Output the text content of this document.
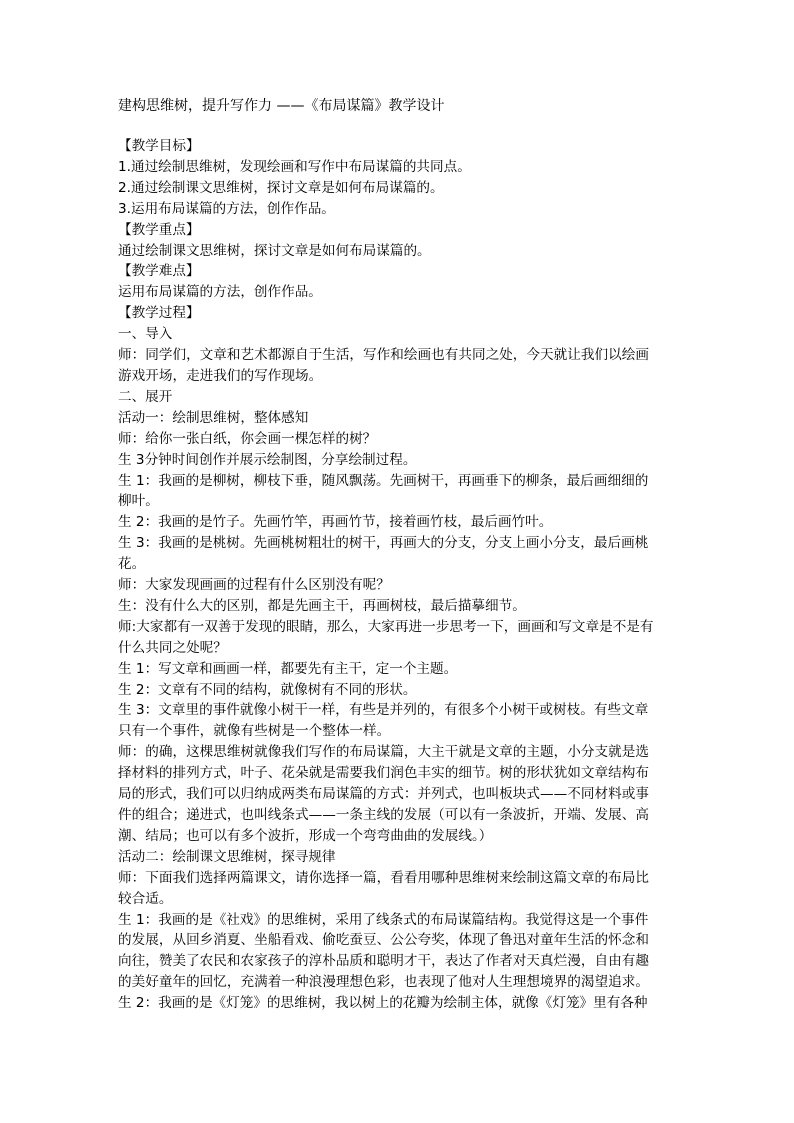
建构思维树，提升写作力 ——《布局谋篇》教学设计
【教学目标】
1.通过绘制思维树，发现绘画和写作中布局谋篇的共同点。
2.通过绘制课文思维树，探讨文章是如何布局谋篇的。
3.运用布局谋篇的方法，创作作品。
【教学重点】
通过绘制课文思维树，探讨文章是如何布局谋篇的。
【教学难点】
运用布局谋篇的方法，创作作品。
【教学过程】
一、导入
师：同学们，文章和艺术都源自于生活，写作和绘画也有共同之处，今天就让我们以绘画
游戏开场，走进我们的写作现场。
二、展开
活动一：绘制思维树，整体感知
师：给你一张白纸，你会画一棵怎样的树？
生 3分钟时间创作并展示绘制图，分享绘制过程。
生 1：我画的是柳树，柳枝下垂，随风飘荡。先画树干，再画垂下的柳条，最后画细细的
柳叶。
生 2：我画的是竹子。先画竹竿，再画竹节，接着画竹枝，最后画竹叶。
生 3：我画的是桃树。先画桃树粗壮的树干，再画大的分支，分支上画小分支，最后画桃
花。
师：大家发现画画的过程有什么区别没有呢？
生：没有什么大的区别，都是先画主干，再画树枝，最后描摹细节。
师:大家都有一双善于发现的眼睛，那么，大家再进一步思考一下，画画和写文章是不是有
什么共同之处呢？
生 1：写文章和画画一样，都要先有主干，定一个主题。
生 2：文章有不同的结构，就像树有不同的形状。
生 3：文章里的事件就像小树干一样，有些是并列的，有很多个小树干或树枝。有些文章
只有一个事件，就像有些树是一个整体一样。
师：的确，这棵思维树就像我们写作的布局谋篇，大主干就是文章的主题，小分支就是选
择材料的排列方式，叶子、花朵就是需要我们润色丰实的细节。树的形状犹如文章结构布
局的形式，我们可以归纳成两类布局谋篇的方式：并列式，也叫板块式——不同材料或事
件的组合；递进式，也叫线条式——一条主线的发展（可以有一条波折，开端、发展、高
潮、结局；也可以有多个波折，形成一个弯弯曲曲的发展线。）
活动二：绘制课文思维树，探寻规律
师：下面我们选择两篇课文，请你选择一篇，看看用哪种思维树来绘制这篇文章的布局比
较合适。
生 1：我画的是《社戏》的思维树，采用了线条式的布局谋篇结构。我觉得这是一个事件
的发展，从回乡消夏、坐船看戏、偷吃蚕豆、公公夸奖，体现了鲁迅对童年生活的怀念和
向往，赞美了农民和农家孩子的淳朴品质和聪明才干，表达了作者对天真烂漫，自由有趣
的美好童年的回忆，充满着一种浪漫理想色彩，也表现了他对人生理想境界的渴望追求。
生 2：我画的是《灯笼》的思维树，我以树上的花瓣为绘制主体，就像《灯笼》里有各种
